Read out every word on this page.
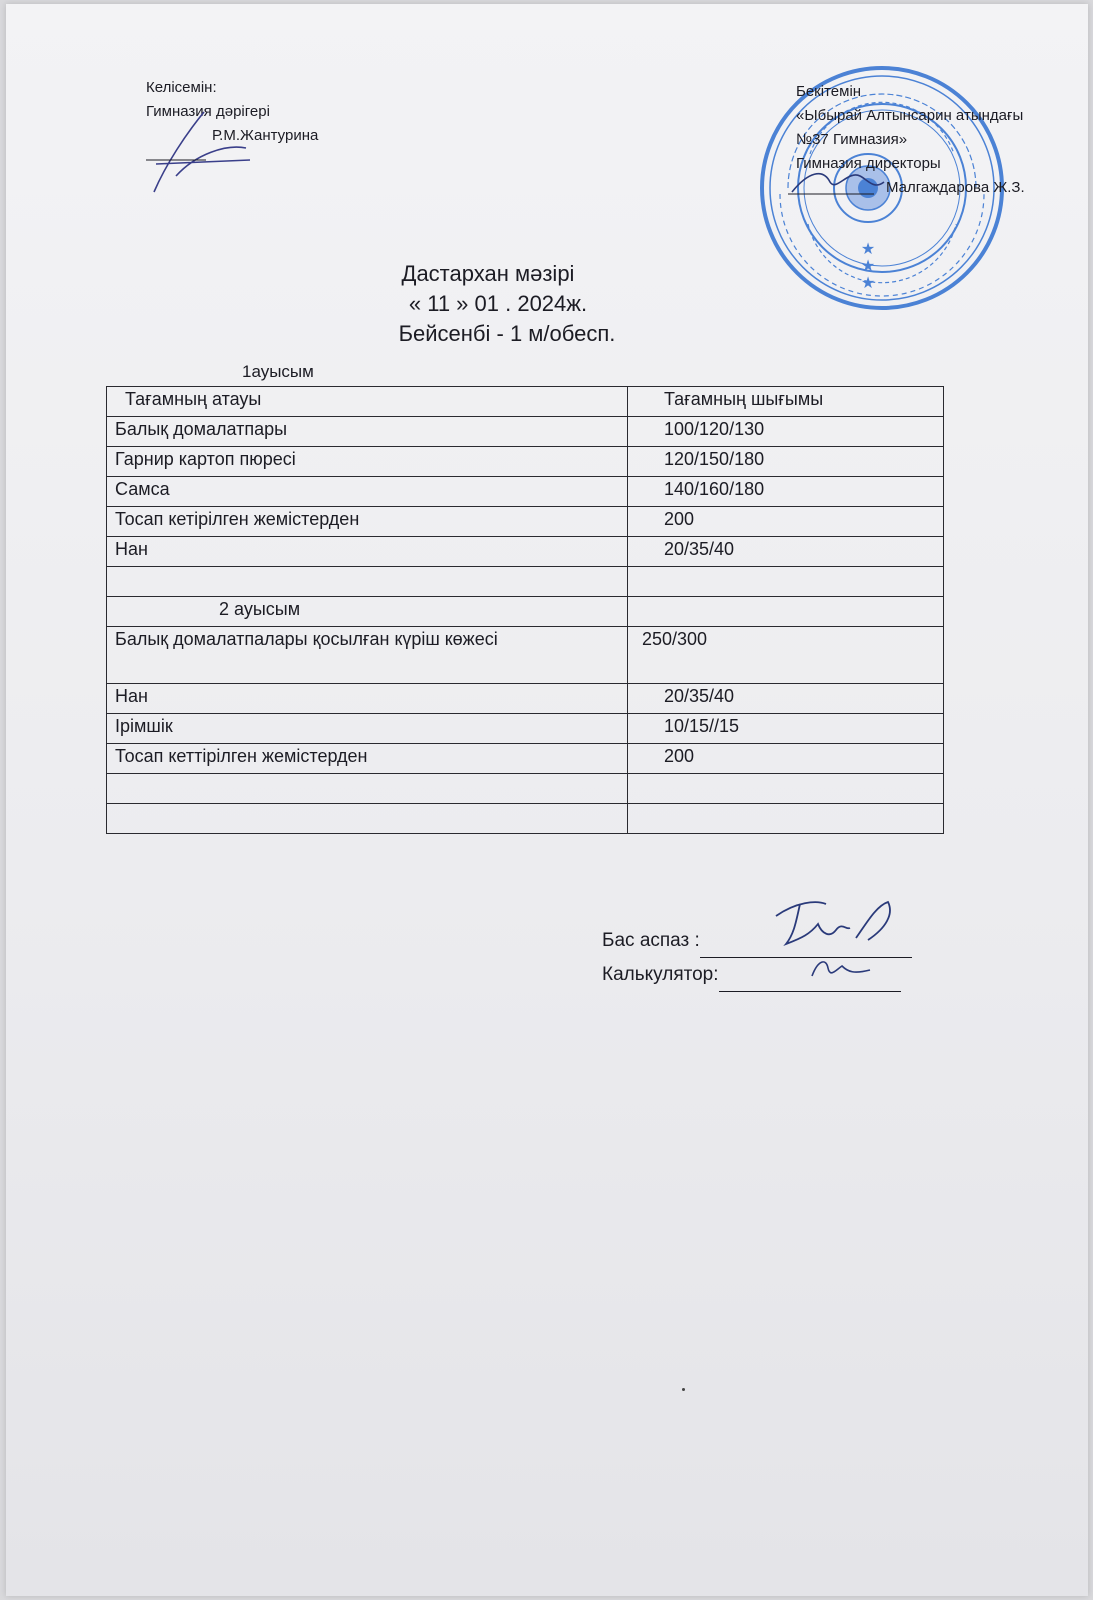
Келісемін:
Гимназия дәрігері
Р.М.Жантурина
★
★
★
Бекітемін
«Ыбырай Алтынсарин атындағы
№37 Гимназия»
Гимназия директоры
Малгаждарова Ж.З.
Дастархан мәзірі
« 11 » 01 . 2024ж.
Бейсенбі - 1 м/обесп.
1ауысым
Тағамның атауы	Тағамның шығымы
Балық домалатпары	100/120/130
Гарнир картоп пюресі	120/150/180
Самса	140/160/180
Тосап кетірілген жемістерден	200
Нан	20/35/40

2 ауысым	
Балық домалатпалары қосылған күріш көжесі	250/300
Нан	20/35/40
Ірімшік	10/15//15
Тосап кеттірілген жемістерден	200

Бас аспаз :
Калькулятор:
